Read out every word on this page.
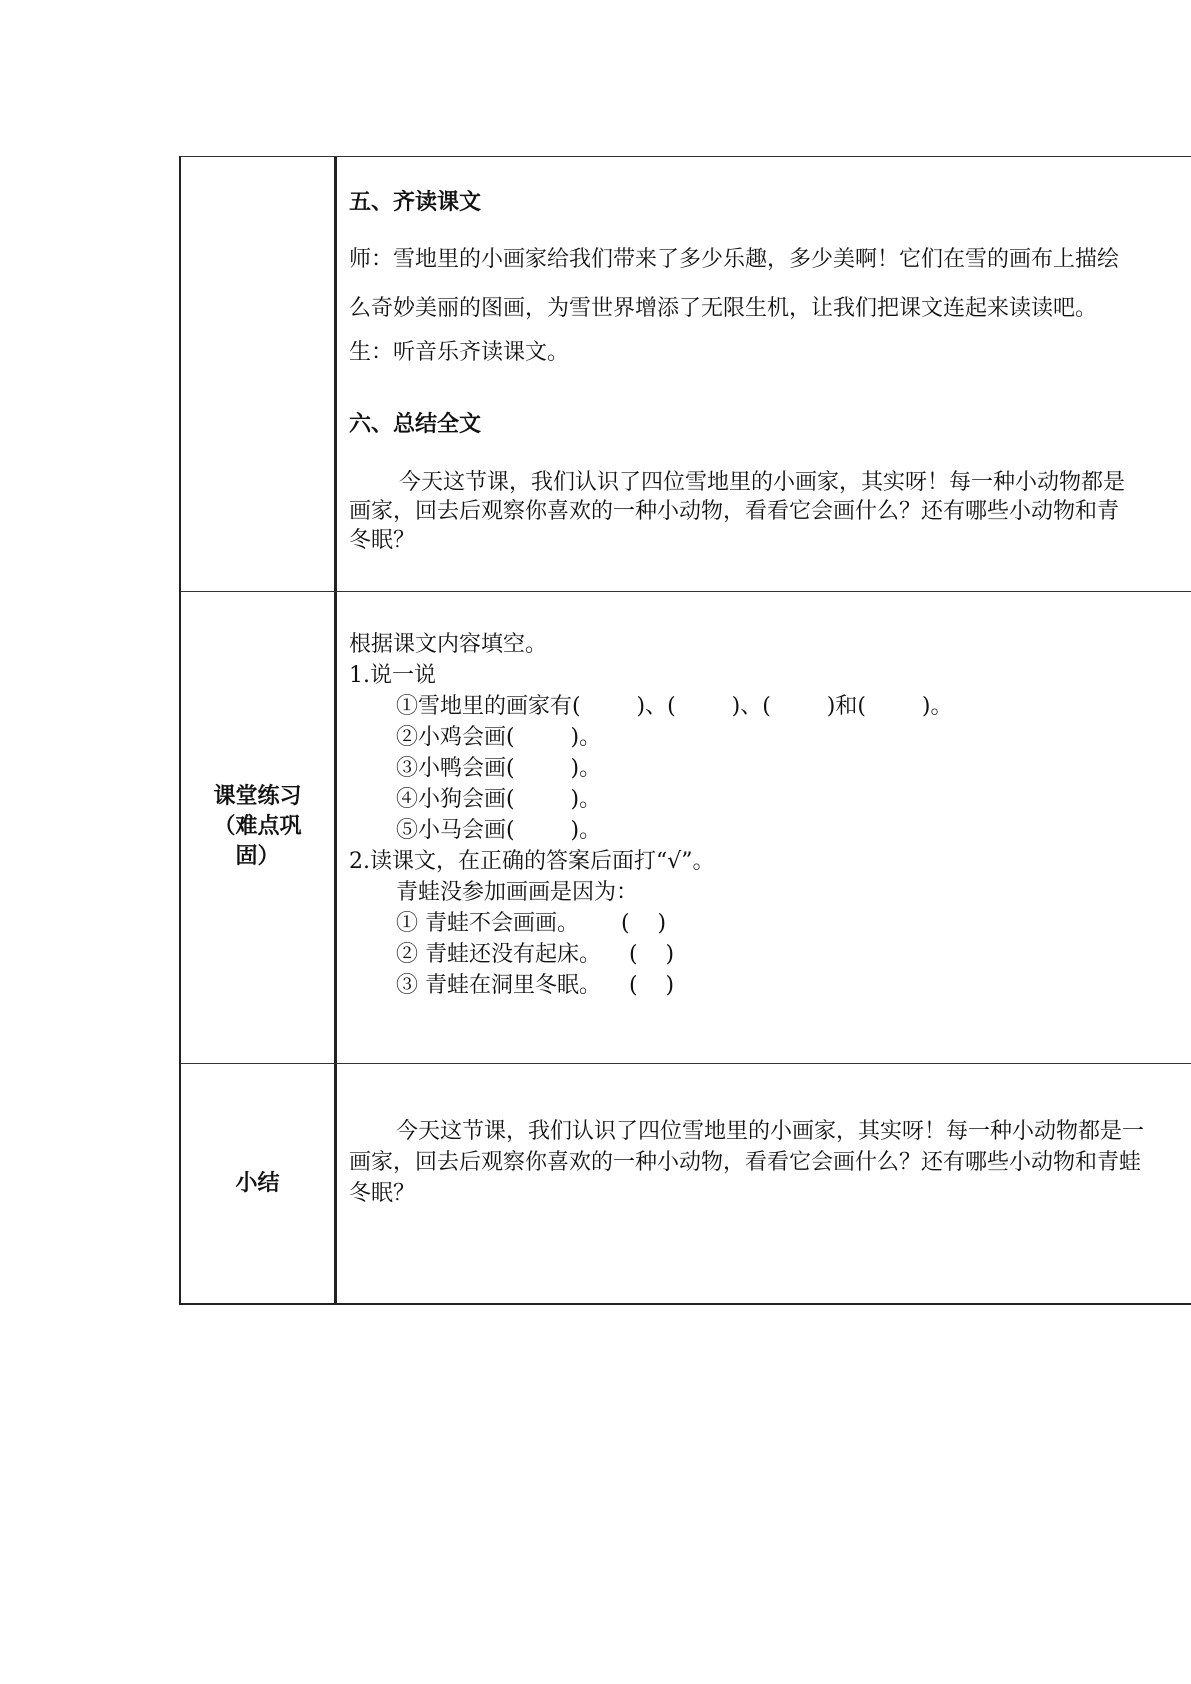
五、齐读课文
师：雪地里的小画家给我们带来了多少乐趣，多少美啊！它们在雪的画布上描绘
么奇妙美丽的图画，为雪世界增添了无限生机，让我们把课文连起来读读吧。
生：听音乐齐读课文。
六、总结全文
今天这节课，我们认识了四位雪地里的小画家，其实呀！每一种小动物都是
画家，回去后观察你喜欢的一种小动物，看看它会画什么？还有哪些小动物和青
冬眠？
课堂练习
（难点巩
固）
根据课文内容填空。
1.说一说
①雪地里的画家有(        )、(        )、(        )和(        )。
②小鸡会画(        )。
③小鸭会画(        )。
④小狗会画(        )。
⑤小马会画(        )。
2.读课文，在正确的答案后面打“√”。
青蛙没参加画画是因为：
① 青蛙不会画画。      (    )
② 青蛙还没有起床。    (    )
③ 青蛙在洞里冬眠。    (    )
小结
今天这节课，我们认识了四位雪地里的小画家，其实呀！每一种小动物都是一
画家，回去后观察你喜欢的一种小动物，看看它会画什么？还有哪些小动物和青蛙
冬眠？
